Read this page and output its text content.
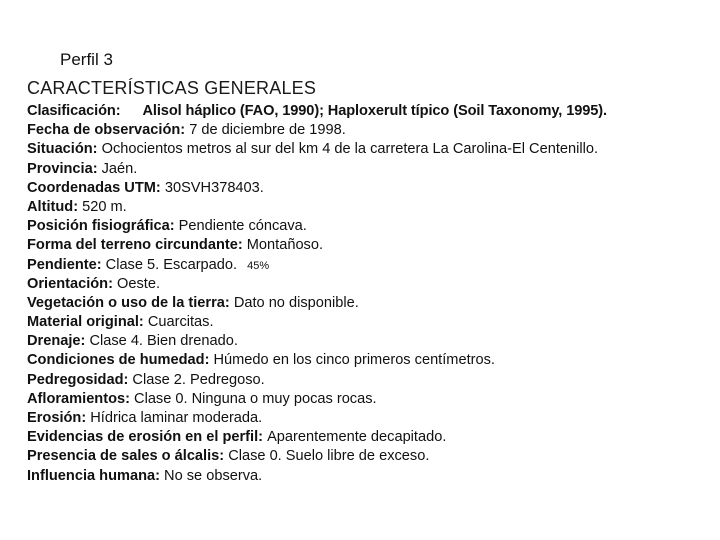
Perfil 3
CARACTERÍSTICAS GENERALES
Clasificación: Alisol háplico (FAO, 1990); Haploxerult típico (Soil Taxonomy, 1995).
Fecha de observación: 7 de diciembre de 1998.
Situación: Ochocientos metros al sur del km 4 de la carretera La Carolina-El Centenillo.
Provincia: Jaén.
Coordenadas UTM: 30SVH378403.
Altitud: 520 m.
Posición fisiográfica: Pendiente cóncava.
Forma del terreno circundante: Montañoso.
Pendiente: Clase 5. Escarpado. 45%
Orientación: Oeste.
Vegetación o uso de la tierra: Dato no disponible.
Material original: Cuarcitas.
Drenaje: Clase 4. Bien drenado.
Condiciones de humedad: Húmedo en los cinco primeros centímetros.
Pedregosidad: Clase 2. Pedregoso.
Afloramientos: Clase 0. Ninguna o muy pocas rocas.
Erosión: Hídrica laminar moderada.
Evidencias de erosión en el perfil: Aparentemente decapitado.
Presencia de sales o álcalis: Clase 0. Suelo libre de exceso.
Influencia humana: No se observa.
